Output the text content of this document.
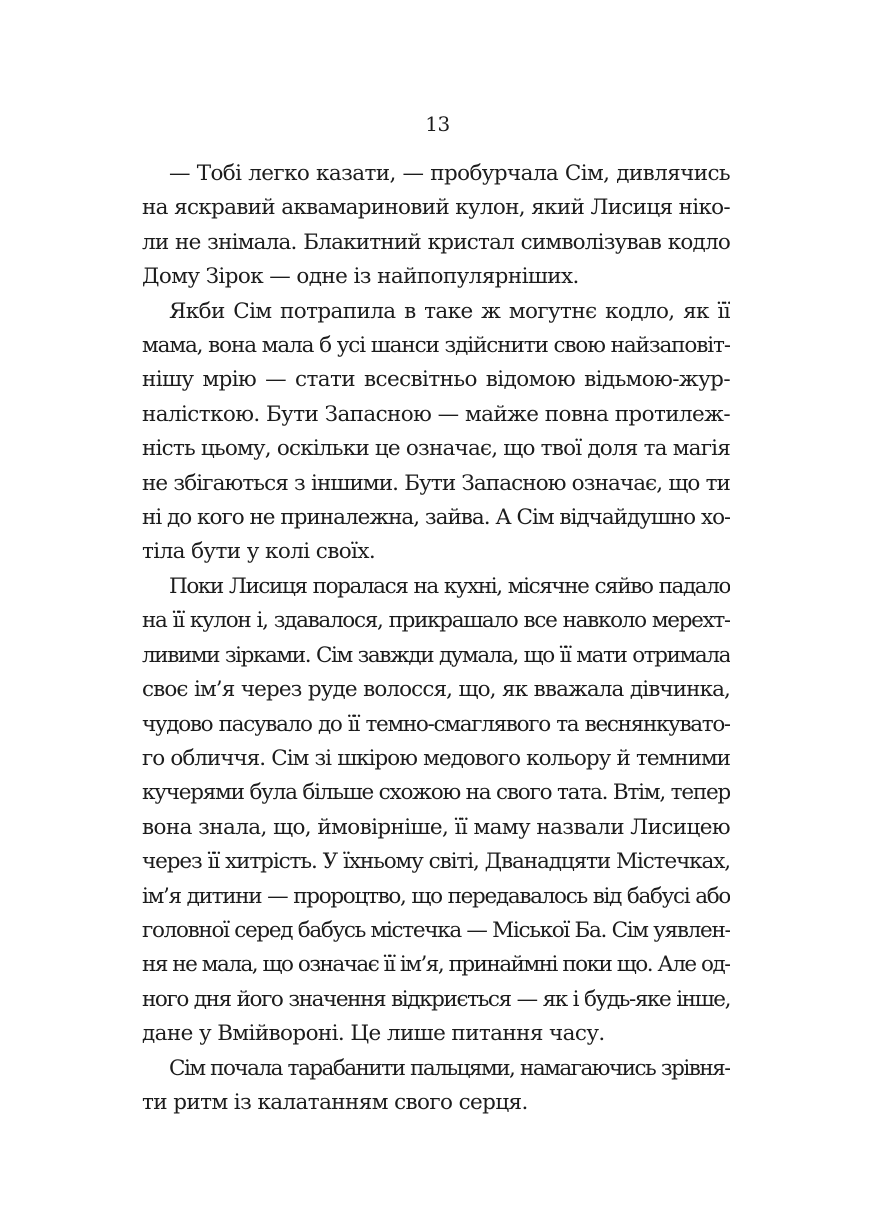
13
— Тобі легко казати, — пробурчала Сім, дивлячись
на яскравий аквамариновий кулон, який Лисиця ніко-
ли не знімала. Блакитний кристал символізував кодло
Дому Зірок — одне із найпопулярніших.
Якби Сім потрапила в таке ж могутнє кодло, як її
мама, вона мала б усі шанси здійснити свою найзаповіт-
нішу мрію — стати всесвітньо відомою відьмою-жур-
налісткою. Бути Запасною — майже повна протилеж-
ність цьому, оскільки це означає, що твої доля та магія
не збігаються з іншими. Бути Запасною означає, що ти
ні до кого не приналежна, зайва. А Сім відчайдушно хо-
тіла бути у колі своїх.
Поки Лисиця поралася на кухні, місячне сяйво падало
на її кулон і, здавалося, прикрашало все навколо мерехт-
ливими зірками. Сім завжди думала, що її мати отримала
своє ім’я через руде волосся, що, як вважала дівчинка,
чудово пасувало до її темно-смаглявого та веснянкувато-
го обличчя. Сім зі шкірою медового кольору й темними
кучерями була більше схожою на свого тата. Втім, тепер
вона знала, що, ймовірніше, її маму назвали Лисицею
через її хитрість. У їхньому світі, Дванадцяти Містечках,
ім’я дитини — пророцтво, що передавалось від бабусі або
головної серед бабусь містечка — Міської Ба. Сім уявлен-
ня не мала, що означає її ім’я, принаймні поки що. Але од-
ного дня його значення відкриється — як і будь-яке інше,
дане у Вмійвороні. Це лише питання часу.
Сім почала тарабанити пальцями, намагаючись зрівня-
ти ритм із калатанням свого серця.
